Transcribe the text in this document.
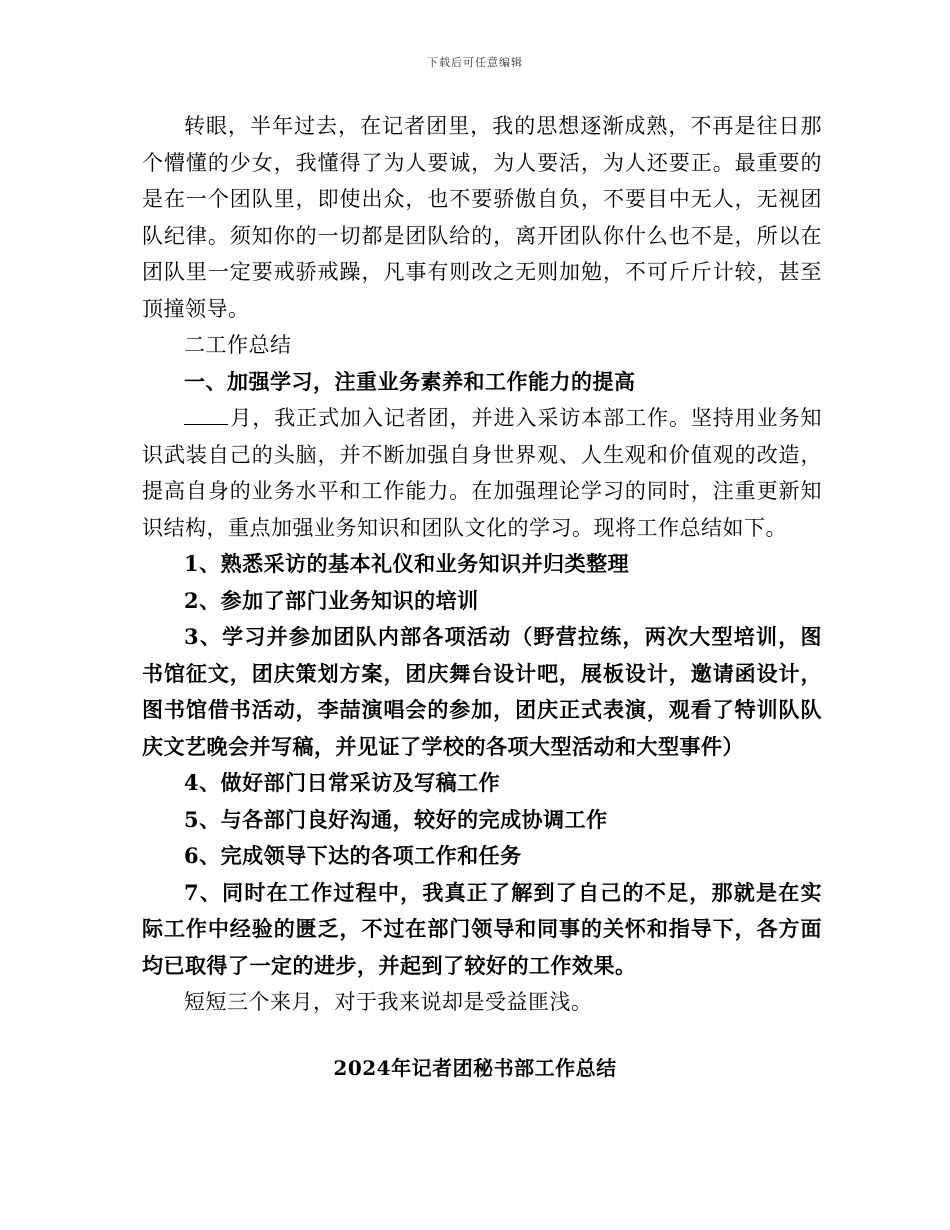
下载后可任意编辑

转眼，半年过去，在记者团里，我的思想逐渐成熟，不再是往日那个懵懂的少女，我懂得了为人要诚，为人要活，为人还要正。最重要的是在一个团队里，即使出众，也不要骄傲自负，不要目中无人，无视团队纪律。须知你的一切都是团队给的，离开团队你什么也不是，所以在团队里一定要戒骄戒躁，凡事有则改之无则加勉，不可斤斤计较，甚至顶撞领导。

二工作总结

一、加强学习，注重业务素养和工作能力的提高

月，我正式加入记者团，并进入采访本部工作。坚持用业务知识武装自己的头脑，并不断加强自身世界观、人生观和价值观的改造，提高自身的业务水平和工作能力。在加强理论学习的同时，注重更新知识结构，重点加强业务知识和团队文化的学习。现将工作总结如下。

1、熟悉采访的基本礼仪和业务知识并归类整理

2、参加了部门业务知识的培训

3、学习并参加团队内部各项活动（野营拉练，两次大型培训，图书馆征文，团庆策划方案，团庆舞台设计吧，展板设计，邀请函设计，图书馆借书活动，李喆演唱会的参加，团庆正式表演，观看了特训队队庆文艺晚会并写稿，并见证了学校的各项大型活动和大型事件）

4、做好部门日常采访及写稿工作

5、与各部门良好沟通，较好的完成协调工作

6、完成领导下达的各项工作和任务

7、同时在工作过程中，我真正了解到了自己的不足，那就是在实际工作中经验的匮乏，不过在部门领导和同事的关怀和指导下，各方面均已取得了一定的进步，并起到了较好的工作效果。

短短三个来月，对于我来说却是受益匪浅。

2024年记者团秘书部工作总结
